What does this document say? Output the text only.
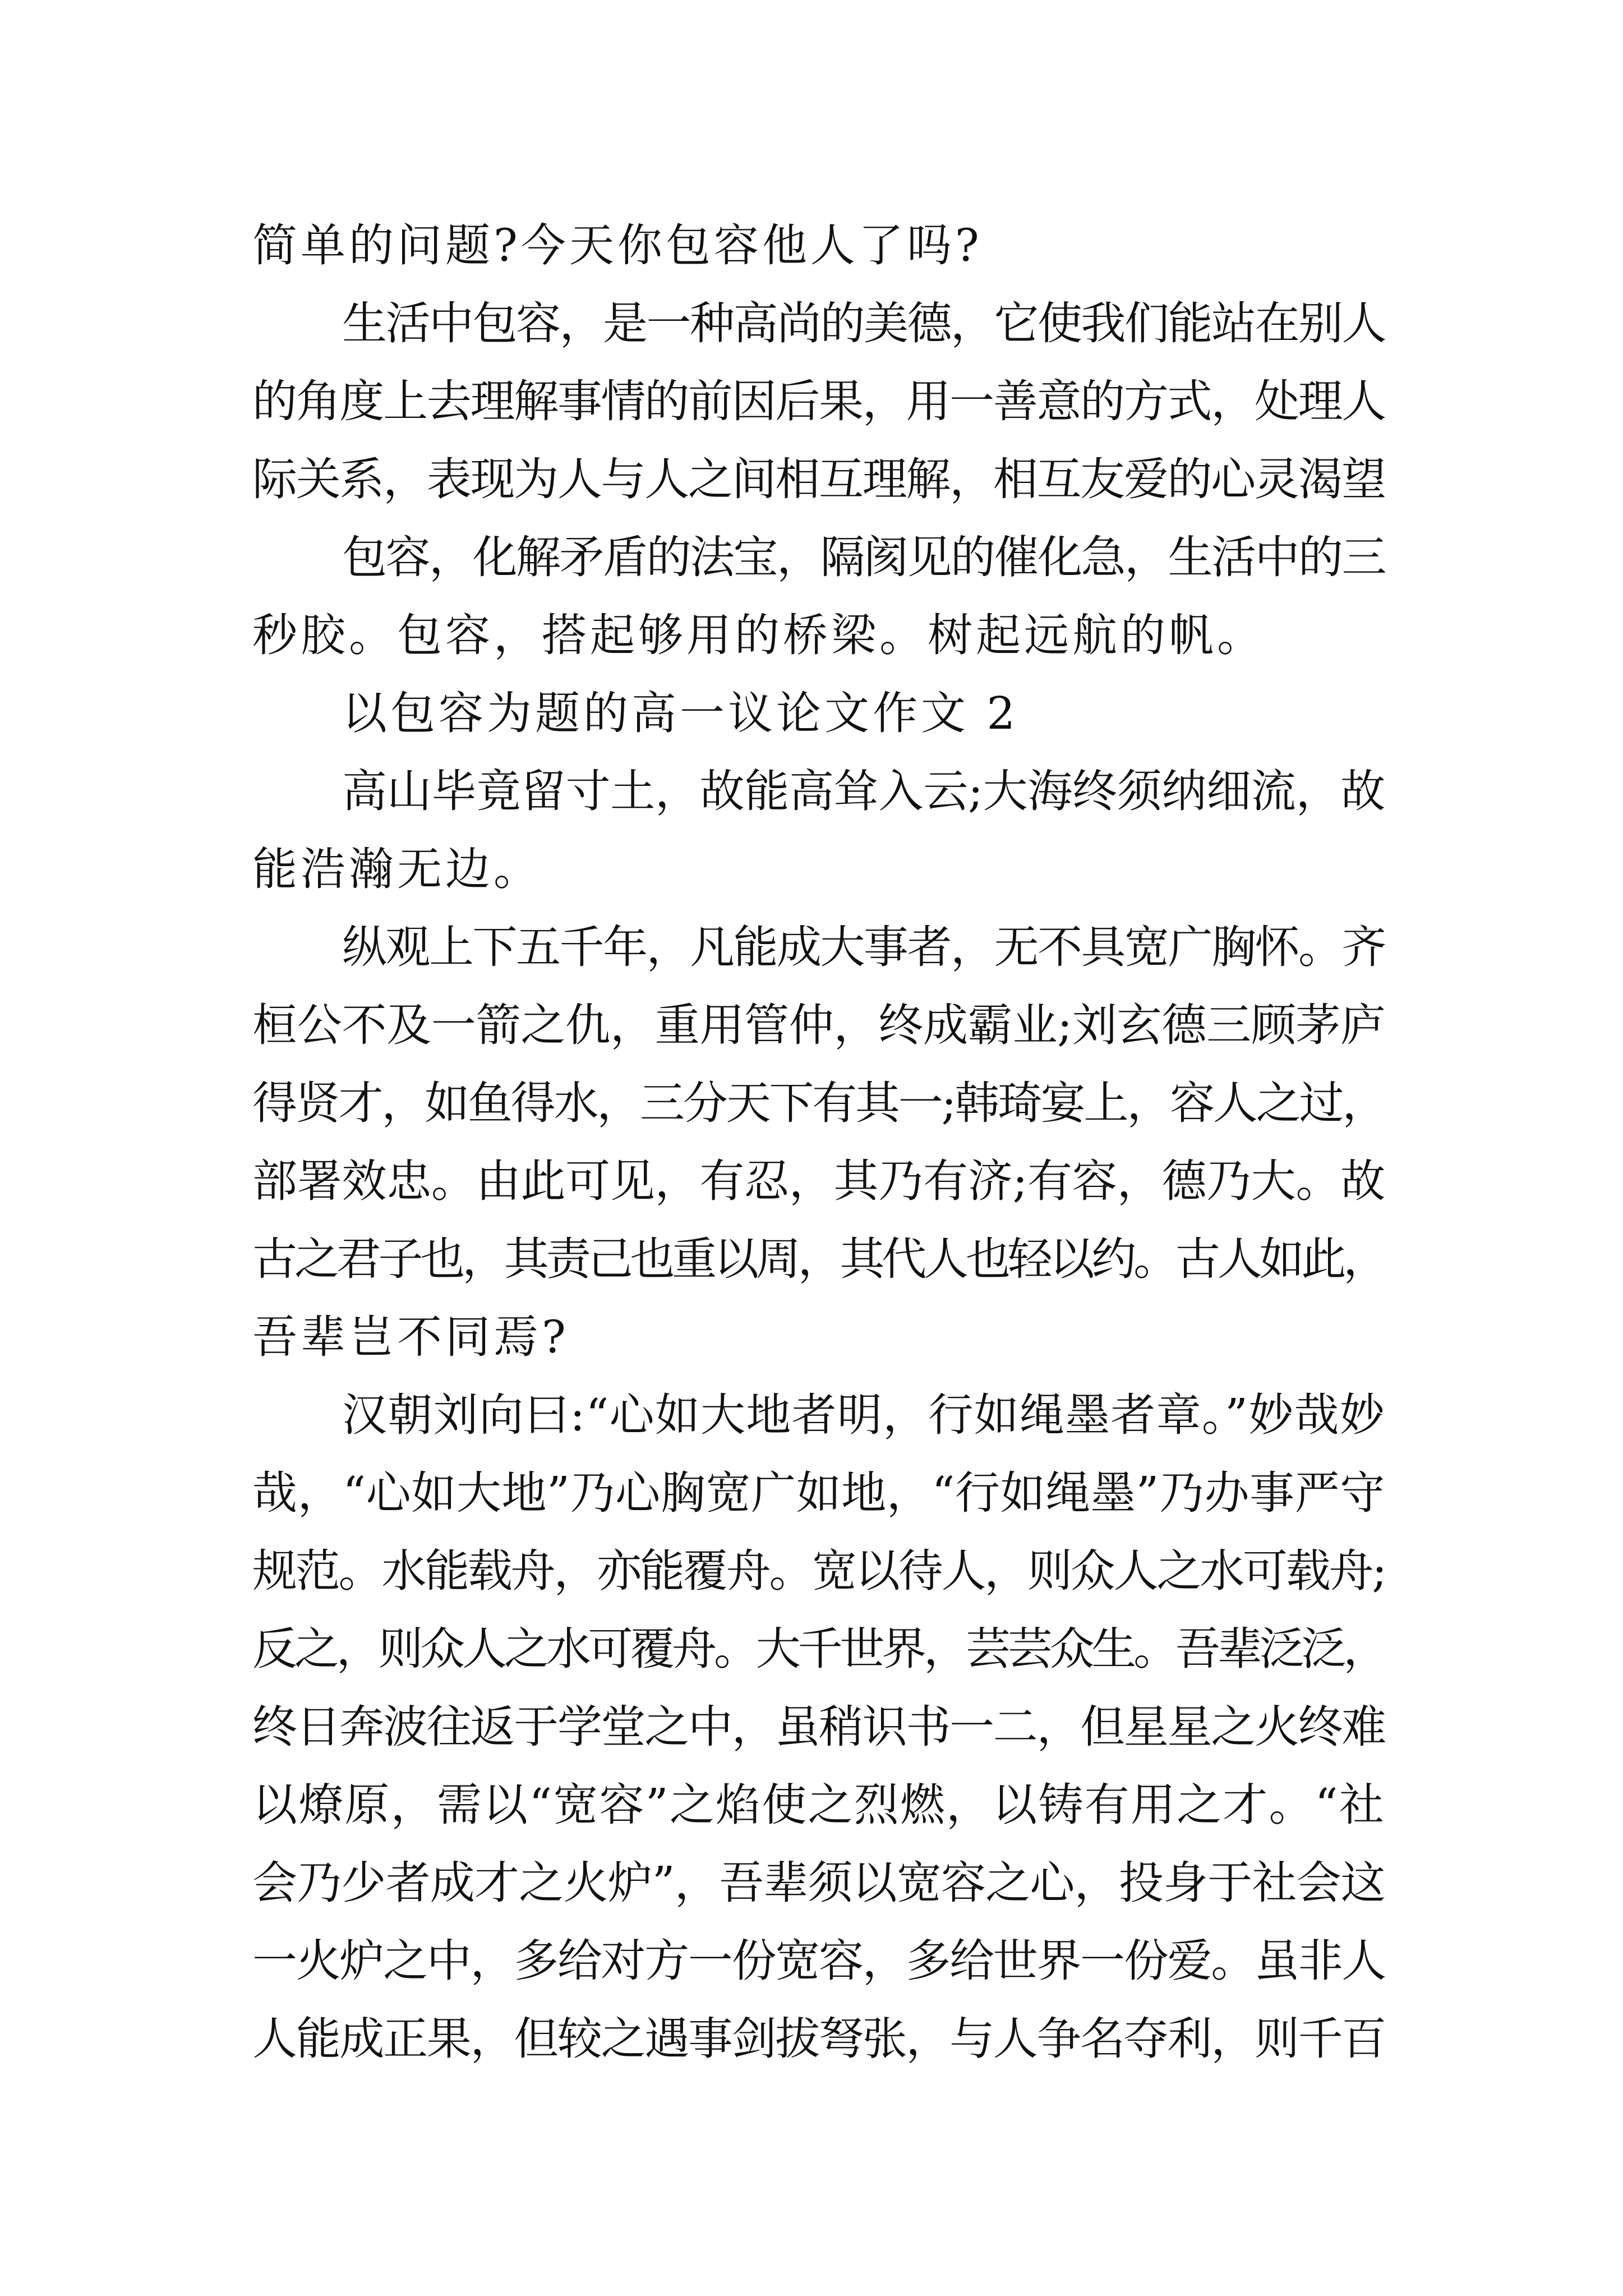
简单的问题?今天你包容他人了吗?
生活中包容，是一种高尚的美德，它使我们能站在别人
的角度上去理解事情的前因后果，用一善意的方式，处理人
际关系，表现为人与人之间相互理解，相互友爱的心灵渴望
包容，化解矛盾的法宝，隔阂见的催化急，生活中的三
秒胶。包容，搭起够用的桥梁。树起远航的帆。
以包容为题的高一议论文作文 2
高山毕竟留寸土，故能高耸入云;大海终须纳细流，故
能浩瀚无边。
纵观上下五千年，凡能成大事者，无不具宽广胸怀。齐
桓公不及一箭之仇，重用管仲，终成霸业;刘玄德三顾茅庐
得贤才，如鱼得水，三分天下有其一;韩琦宴上，容人之过，
部署效忠。由此可见，有忍，其乃有济;有容，德乃大。故
古之君子也，其责己也重以周，其代人也轻以约。古人如此，
吾辈岂不同焉?
汉朝刘向曰:“心如大地者明，行如绳墨者章。”妙哉妙
哉，“心如大地”乃心胸宽广如地，“行如绳墨”乃办事严守
规范。水能载舟，亦能覆舟。宽以待人，则众人之水可载舟;
反之，则众人之水可覆舟。大千世界，芸芸众生。吾辈泛泛，
终日奔波往返于学堂之中，虽稍识书一二，但星星之火终难
以燎原，需以“宽容”之焰使之烈燃，以铸有用之才。“社
会乃少者成才之火炉”，吾辈须以宽容之心，投身于社会这
一火炉之中，多给对方一份宽容，多给世界一份爱。虽非人
人能成正果，但较之遇事剑拔弩张，与人争名夺利，则千百
